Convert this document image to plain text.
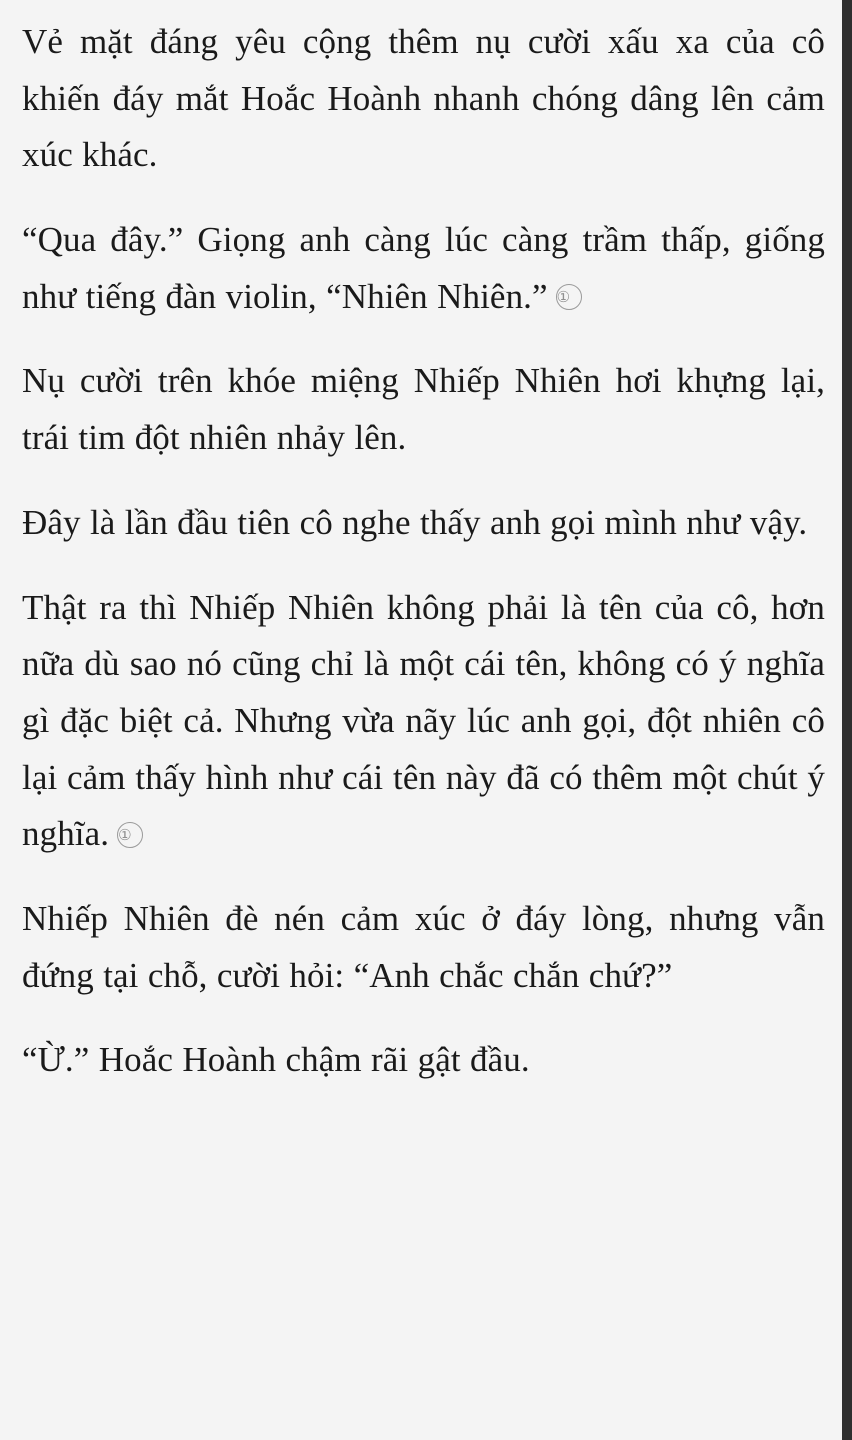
Vẻ mặt đáng yêu cộng thêm nụ cười xấu xa của cô khiến đáy mắt Hoắc Hoành nhanh chóng dâng lên cảm xúc khác.

“Qua đây.” Giọng anh càng lúc càng trầm thấp, giống như tiếng đàn violin, “Nhiên Nhiên.” ①

Nụ cười trên khóe miệng Nhiếp Nhiên hơi khựng lại, trái tim đột nhiên nhảy lên.

Đây là lần đầu tiên cô nghe thấy anh gọi mình như vậy.

Thật ra thì Nhiếp Nhiên không phải là tên của cô, hơn nữa dù sao nó cũng chỉ là một cái tên, không có ý nghĩa gì đặc biệt cả. Nhưng vừa nãy lúc anh gọi, đột nhiên cô lại cảm thấy hình như cái tên này đã có thêm một chút ý nghĩa. ①

Nhiếp Nhiên đè nén cảm xúc ở đáy lòng, nhưng vẫn đứng tại chỗ, cười hỏi: “Anh chắc chắn chứ?”

“Ừ.” Hoắc Hoành chậm rãi gật đầu.
